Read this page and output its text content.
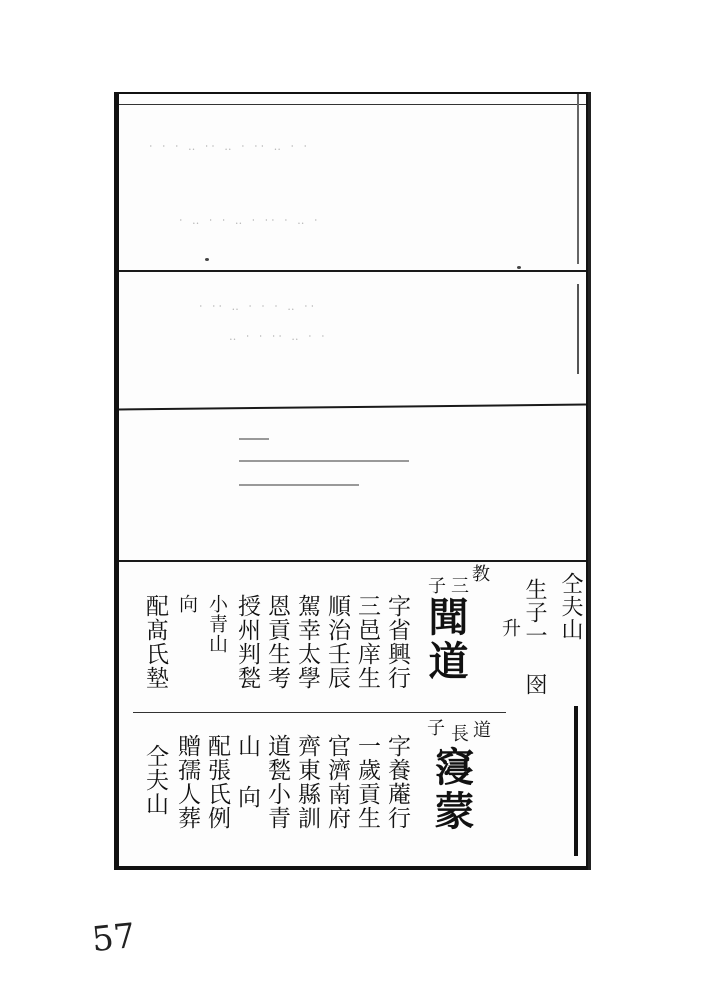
‧ ‧ ‧ ‥ ‧‧ ‥ ‧ ‧‧ ‥ ‧ ‧
‧ ‥ ‧ ‧ ‥ ‧ ‧‧ ‧ ‥ ‧
‧ ‧‧ ‥ ‧ ‧ ‧ ‥ ‧‧
‥ ‧ ‧ ‧‧ ‥ ‧ ‧
仝夫山
生子一 囹
升
教
三
子
聞道
字省興行
三邑庠生
順治壬辰
駕幸太學
恩貢生考
授州判甃
小青山
向
配髙氏墊
道
長
子
䆮蒙
字養蓭行
一歲貢生
官濟南府
齊東縣訓
道甃小青
山 向
配張氏例
贈孺人葬
仝夫山
57
